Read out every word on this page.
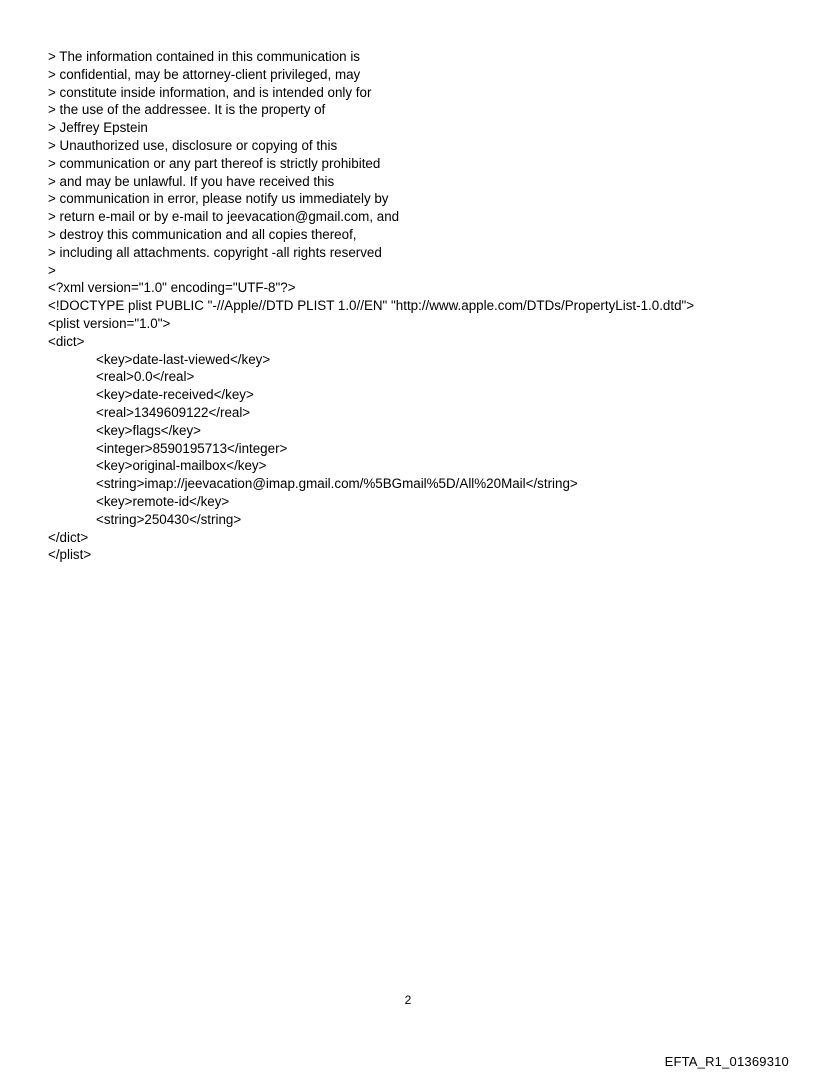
> The information contained in this communication is
> confidential, may be attorney-client privileged, may
> constitute inside information, and is intended only for
> the use of the addressee. It is the property of
> Jeffrey Epstein
> Unauthorized use, disclosure or copying of this
> communication or any part thereof is strictly prohibited
> and may be unlawful. If you have received this
> communication in error, please notify us immediately by
> return e-mail or by e-mail to jeevacation@gmail.com, and
> destroy this communication and all copies thereof,
> including all attachments. copyright -all rights reserved
>
<?xml version="1.0" encoding="UTF-8"?>
<!DOCTYPE plist PUBLIC "-//Apple//DTD PLIST 1.0//EN" "http://www.apple.com/DTDs/PropertyList-1.0.dtd">
<plist version="1.0">
<dict>
<key>date-last-viewed</key>
<real>0.0</real>
<key>date-received</key>
<real>1349609122</real>
<key>flags</key>
<integer>8590195713</integer>
<key>original-mailbox</key>
<string>imap://jeevacation@imap.gmail.com/%5BGmail%5D/All%20Mail</string>
<key>remote-id</key>
<string>250430</string>
</dict>
</plist>
2
EFTA_R1_01369310
